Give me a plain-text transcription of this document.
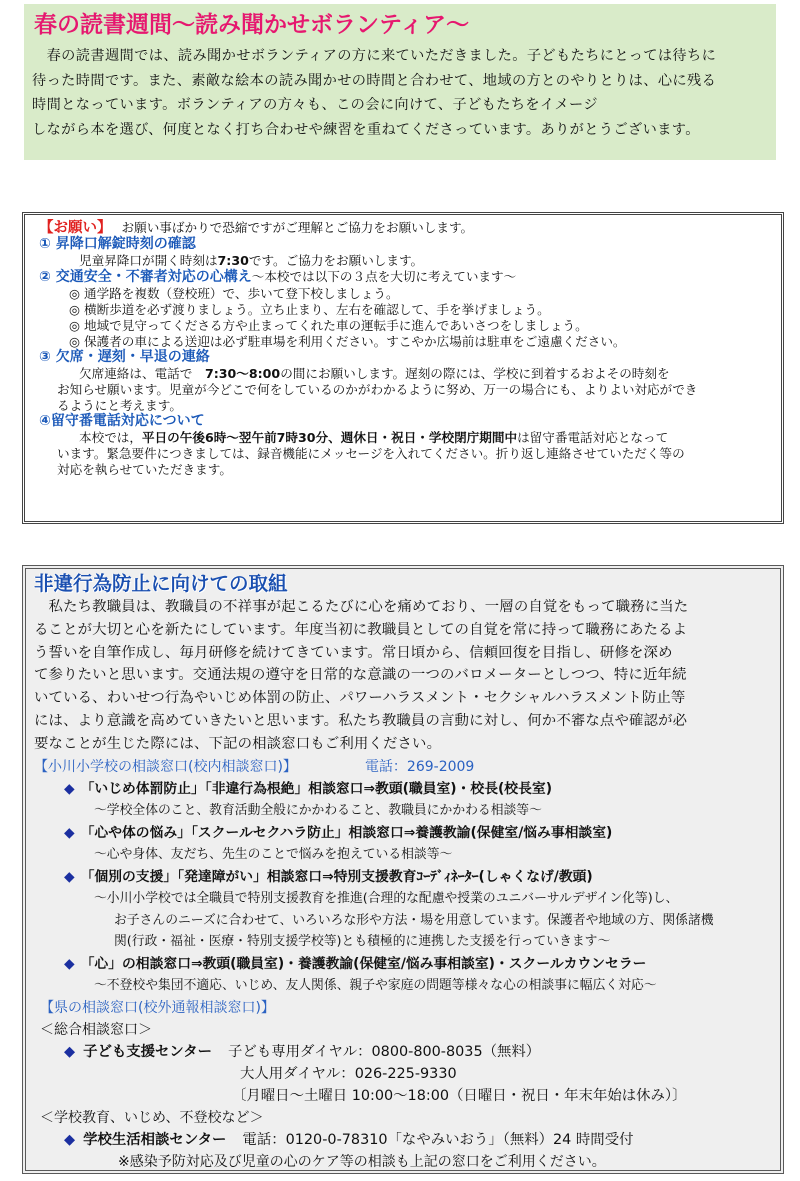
春の読書週間〜読み聞かせボランティア〜
　春の読書週間では、読み聞かせボランティアの方に来ていただきました。子どもたちにとっては待ちに
待った時間です。また、素敵な絵本の読み聞かせの時間と合わせて、地域の方とのやりとりは、心に残る
時間となっています。ボランティアの方々も、この会に向けて、子どもたちをイメージ
しながら本を選び、何度となく打ち合わせや練習を重ねてくださっています。ありがとうございます。
【お願い】 お願い事ばかりで恐縮ですがご理解とご協力をお願いします。
① 昇降口解錠時刻の確認
児童昇降口が開く時刻は7:30です。ご協力をお願いします。
② 交通安全・不審者対応の心構え〜本校では以下の３点を大切に考えています〜
◎ 通学路を複数（登校班）で、歩いて登下校しましょう。
◎ 横断歩道を必ず渡りましょう。立ち止まり、左右を確認して、手を挙げましょう。
◎ 地域で見守ってくださる方や止まってくれた車の運転手に進んであいさつをしましょう。
◎ 保護者の車による送迎は必ず駐車場を利用ください。すこやか広場前は駐車をご遠慮ください。
③ 欠席・遅刻・早退の連絡
欠席連絡は、電話で　7:30〜8:00の間にお願いします。遅刻の際には、学校に到着するおよその時刻を
お知らせ願います。児童が今どこで何をしているのかがわかるように努め、万一の場合にも、よりよい対応ができ
るようにと考えます。
④留守番電話対応について
本校では，平日の午後6時〜翌午前7時30分、週休日・祝日・学校閉庁期間中は留守番電話対応となって
います。緊急要件につきましては、録音機能にメッセージを入れてください。折り返し連絡させていただく等の
対応を執らせていただきます。
非違行為防止に向けての取組
　私たち教職員は、教職員の不祥事が起こるたびに心を痛めており、一層の自覚をもって職務に当た
ることが大切と心を新たにしています。年度当初に教職員としての自覚を常に持って職務にあたるよ
う誓いを自筆作成し、毎月研修を続けてきています。常日頃から、信頼回復を目指し、研修を深め
て参りたいと思います。交通法規の遵守を日常的な意識の一つのバロメーターとしつつ、特に近年続
いている、わいせつ行為やいじめ体罰の防止、パワーハラスメント・セクシャルハラスメント防止等
には、より意識を高めていきたいと思います。私たち教職員の言動に対し、何か不審な点や確認が必
要なことが生じた際には、下記の相談窓口もご利用ください。
【小川小学校の相談窓口(校内相談窓口)】	電話：269-2009
◆ 「いじめ体罰防止」「非違行為根絶」相談窓口⇒教頭(職員室)・校長(校長室)
〜学校全体のこと、教育活動全般にかかわること、教職員にかかわる相談等〜
◆ 「心や体の悩み」「スクールセクハラ防止」相談窓口⇒養護教諭(保健室/悩み事相談室)
〜心や身体、友だち、先生のことで悩みを抱えている相談等〜
◆ 「個別の支援」「発達障がい」相談窓口⇒特別支援教育ｺｰﾃﾞｨﾈｰﾀｰ(しゃくなげ/教頭)
〜小川小学校では全職員で特別支援教育を推進(合理的な配慮や授業のユニバーサルデザイン化等)し、
お子さんのニーズに合わせて、いろいろな形や方法・場を用意しています。保護者や地域の方、関係諸機
関(行政・福祉・医療・特別支援学校等)とも積極的に連携した支援を行っていきます〜
◆ 「心」の相談窓口⇒教頭(職員室)・養護教諭(保健室/悩み事相談室)・スクールカウンセラー
〜不登校や集団不適応、いじめ、友人関係、親子や家庭の問題等様々な心の相談事に幅広く対応〜
【県の相談窓口(校外通報相談窓口)】
＜総合相談窓口＞
◆ 子ども支援センター 子ども専用ダイヤル：0800-800-8035（無料）
大人用ダイヤル：026-225-9330
〔月曜日〜土曜日 10:00〜18:00（日曜日・祝日・年末年始は休み）〕
＜学校教育、いじめ、不登校など＞
◆ 学校生活相談センター 電話：0120-0-78310「なやみいおう」（無料）24 時間受付
※感染予防対応及び児童の心のケア等の相談も上記の窓口をご利用ください。
